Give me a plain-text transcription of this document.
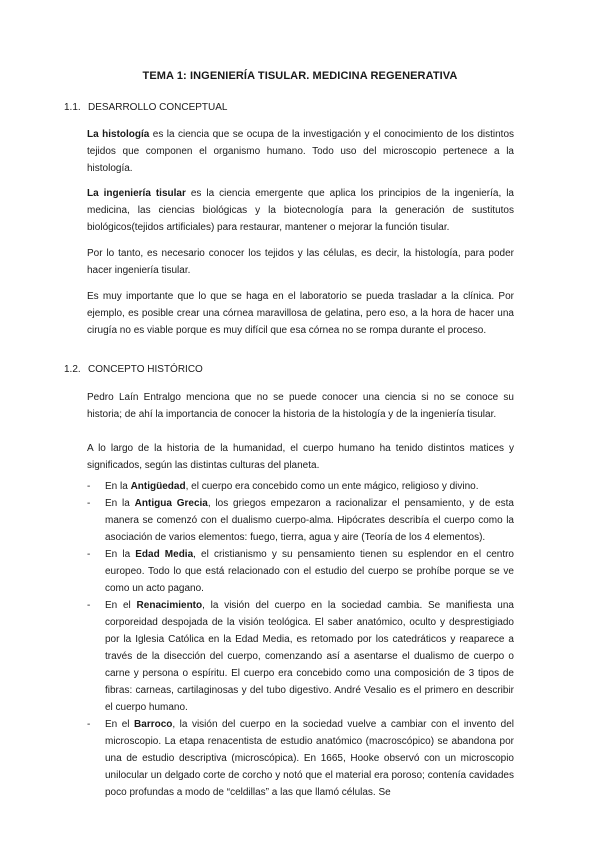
TEMA 1: INGENIERÍA TISULAR. MEDICINA REGENERATIVA
1.1. DESARROLLO CONCEPTUAL
La histología es la ciencia que se ocupa de la investigación y el conocimiento de los distintos tejidos que componen el organismo humano. Todo uso del microscopio pertenece a la histología.
La ingeniería tisular es la ciencia emergente que aplica los principios de la ingeniería, la medicina, las ciencias biológicas y la biotecnología para la generación de sustitutos biológicos(tejidos artificiales) para restaurar, mantener o mejorar la función tisular.
Por lo tanto, es necesario conocer los tejidos y las células, es decir, la histología, para poder hacer ingeniería tisular.
Es muy importante que lo que se haga en el laboratorio se pueda trasladar a la clínica. Por ejemplo, es posible crear una córnea maravillosa de gelatina, pero eso, a la hora de hacer una cirugía no es viable porque es muy difícil que esa córnea no se rompa durante el proceso.
1.2. CONCEPTO HISTÓRICO
Pedro Laín Entralgo menciona que no se puede conocer una ciencia si no se conoce su historia; de ahí la importancia de conocer la historia de la histología y de la ingeniería tisular.
A lo largo de la historia de la humanidad, el cuerpo humano ha tenido distintos matices y significados, según las distintas culturas del planeta.
- En la Antigüedad, el cuerpo era concebido como un ente mágico, religioso y divino.
- En la Antigua Grecia, los griegos empezaron a racionalizar el pensamiento, y de esta manera se comenzó con el dualismo cuerpo-alma. Hipócrates describía el cuerpo como la asociación de varios elementos: fuego, tierra, agua y aire (Teoría de los 4 elementos).
- En la Edad Media, el cristianismo y su pensamiento tienen su esplendor en el centro europeo. Todo lo que está relacionado con el estudio del cuerpo se prohíbe porque se ve como un acto pagano.
- En el Renacimiento, la visión del cuerpo en la sociedad cambia. Se manifiesta una corporeidad despojada de la visión teológica. El saber anatómico, oculto y desprestigiado por la Iglesia Católica en la Edad Media, es retomado por los catedráticos y reaparece a través de la disección del cuerpo, comenzando así a asentarse el dualismo de cuerpo o carne y persona o espíritu. El cuerpo era concebido como una composición de 3 tipos de fibras: carneas, cartilaginosas y del tubo digestivo. André Vesalio es el primero en describir el cuerpo humano.
- En el Barroco, la visión del cuerpo en la sociedad vuelve a cambiar con el invento del microscopio. La etapa renacentista de estudio anatómico (macroscópico) se abandona por una de estudio descriptiva (microscópica). En 1665, Hooke observó con un microscopio unilocular un delgado corte de corcho y notó que el material era poroso; contenía cavidades poco profundas a modo de “celdillas” a las que llamó células. Se
